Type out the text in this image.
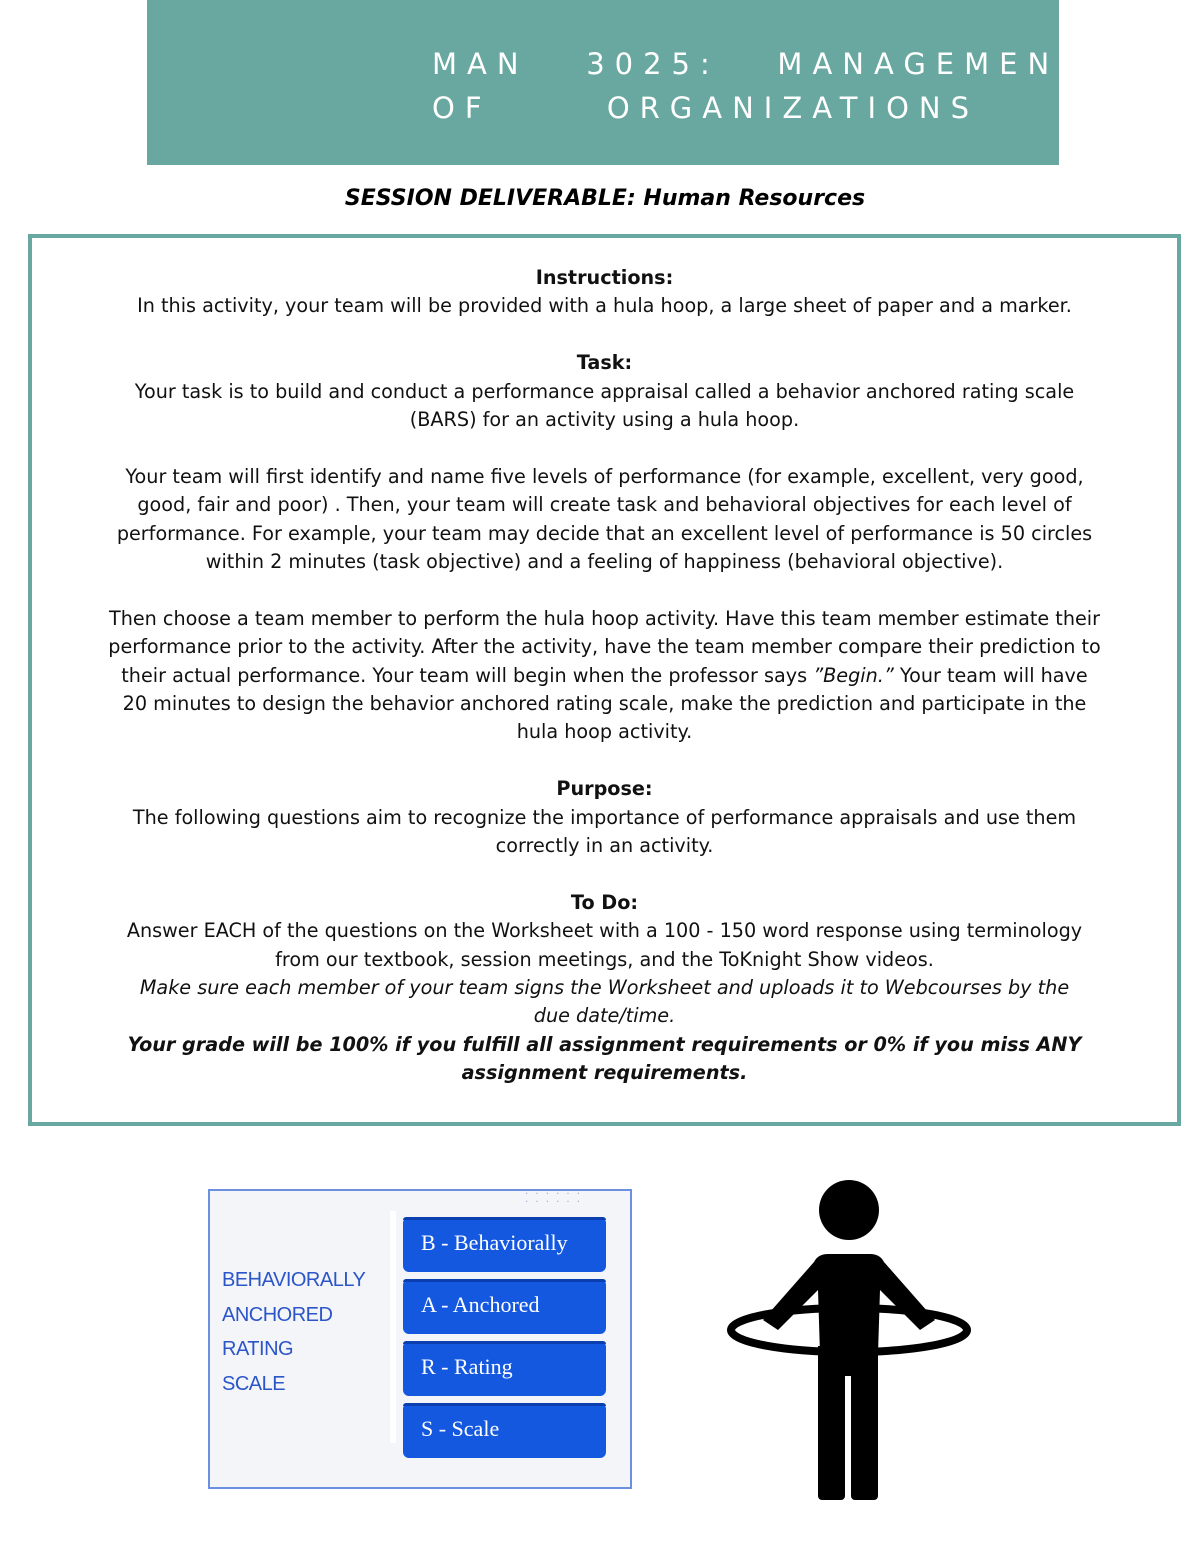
MAN   3025:   MANAGEMENT
OF      ORGANIZATIONS
SESSION DELIVERABLE: Human Resources

Instructions:

In this activity, your team will be provided with a hula hoop, a large sheet of paper and a marker.

Task:

Your task is to build and conduct a performance appraisal called a behavior anchored rating scale

(BARS) for an activity using a hula hoop.

Your team will first identify and name five levels of performance (for example, excellent, very good,

good, fair and poor) . Then, your team will create task and behavioral objectives for each level of

performance. For example, your team may decide that an excellent level of performance is 50 circles

within 2 minutes (task objective) and a feeling of happiness (behavioral objective).

Then choose a team member to perform the hula hoop activity. Have this team member estimate their

performance prior to the activity. After the activity, have the team member compare their prediction to

their actual performance. Your team will begin when the professor says ”Begin.” Your team will have

20 minutes to design the behavior anchored rating scale, make the prediction and participate in the

hula hoop activity.

Purpose:

The following questions aim to recognize the importance of performance appraisals and use them

correctly in an activity.

To Do:

Answer EACH of the questions on the Worksheet with a 100 - 150 word response using terminology

from our textbook, session meetings, and the ToKnight Show videos.

Make sure each member of your team signs the Worksheet and uploads it to Webcourses by the

due date/time.

Your grade will be 100% if you fulfill all assignment requirements or 0% if you miss ANY

assignment requirements.

· · · · · ·
· · · · · ·
BEHAVIORALLY
ANCHORED
RATING
SCALE
B - Behaviorally
A - Anchored
R - Rating
S - Scale
